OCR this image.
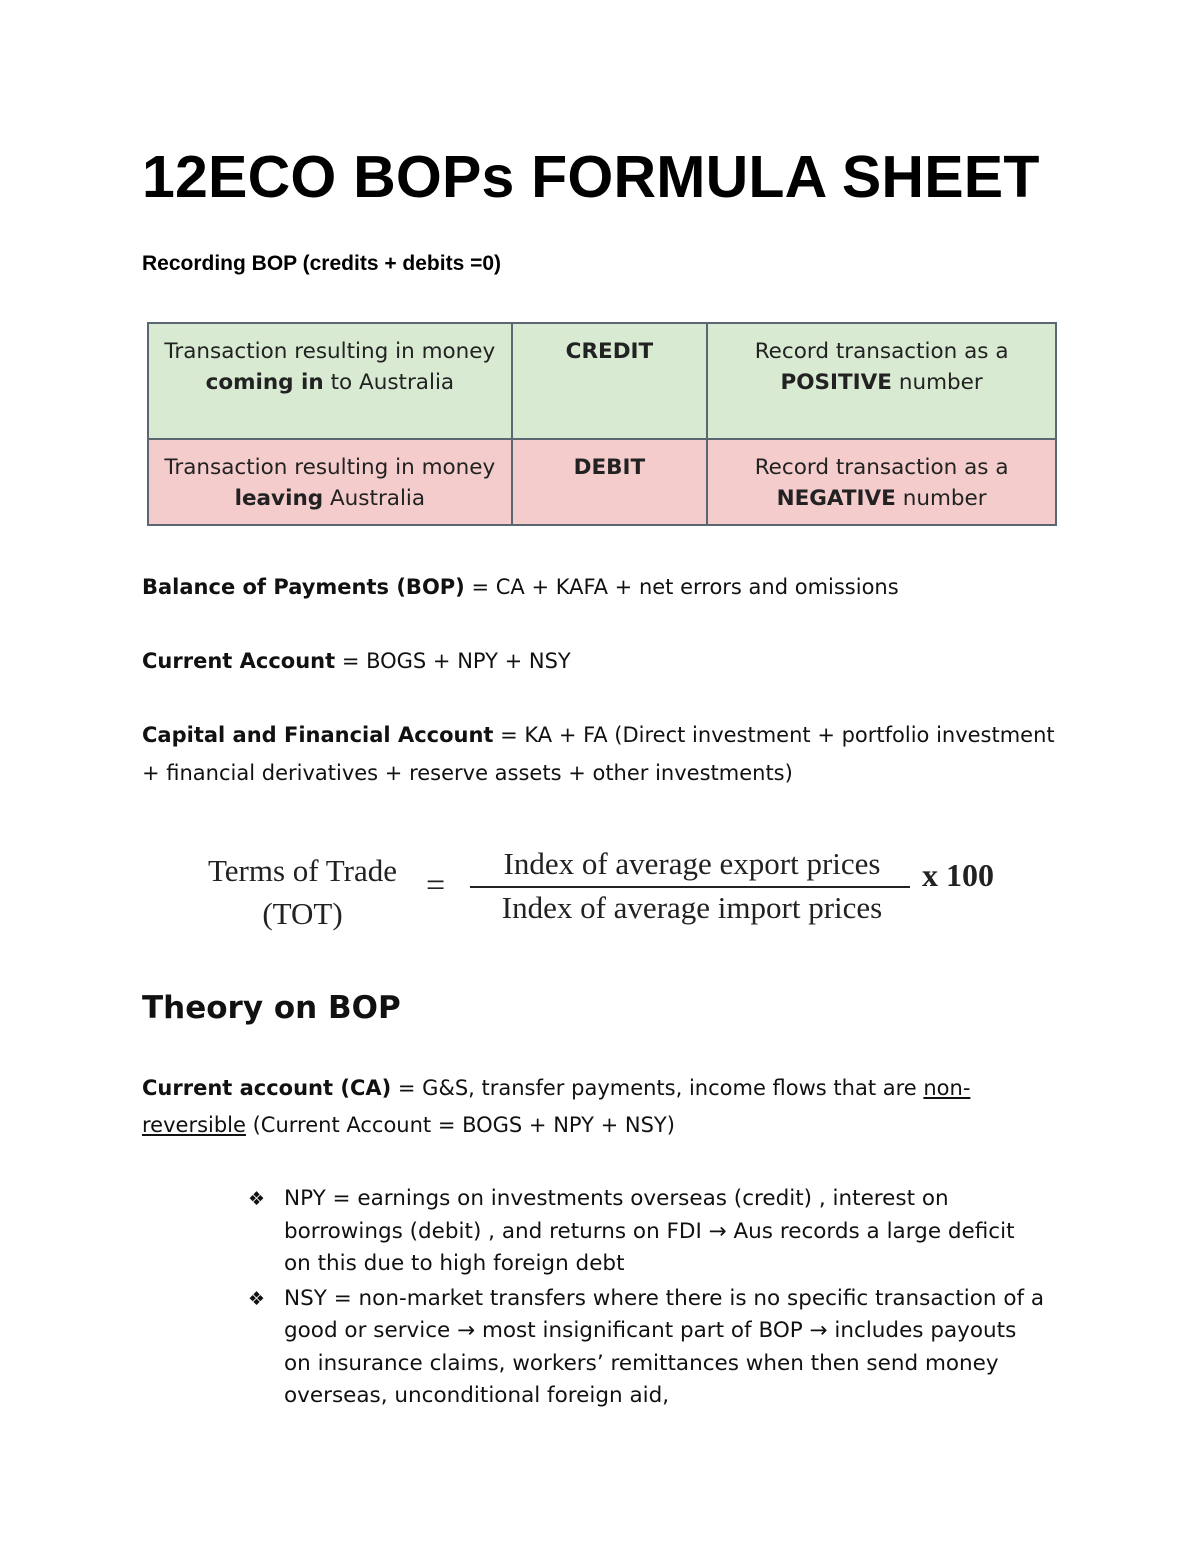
12ECO BOPs FORMULA SHEET
Recording BOP (credits + debits =0)
Transaction resulting in money coming in to Australia	CREDIT	Record transaction as a POSITIVE number
Transaction resulting in money leaving Australia	DEBIT	Record transaction as a NEGATIVE number
Balance of Payments (BOP) = CA + KAFA + net errors and omissions
Current Account = BOGS + NPY + NSY
Capital and Financial Account = KA + FA (Direct investment + portfolio investment + financial derivatives + reserve assets + other investments)
Terms of Trade
(TOT)
=
Index of average export prices
Index of average import prices
x 100
Theory on BOP
Current account (CA) = G&S, transfer payments, income flows that are non-reversible (Current Account = BOGS + NPY + NSY)
❖ NPY = earnings on investments overseas (credit) , interest on borrowings (debit) , and returns on FDI → Aus records a large deficit on this due to high foreign debt
❖ NSY = non-market transfers where there is no specific transaction of a good or service → most insignificant part of BOP → includes payouts on insurance claims, workers’ remittances when then send money overseas, unconditional foreign aid,
